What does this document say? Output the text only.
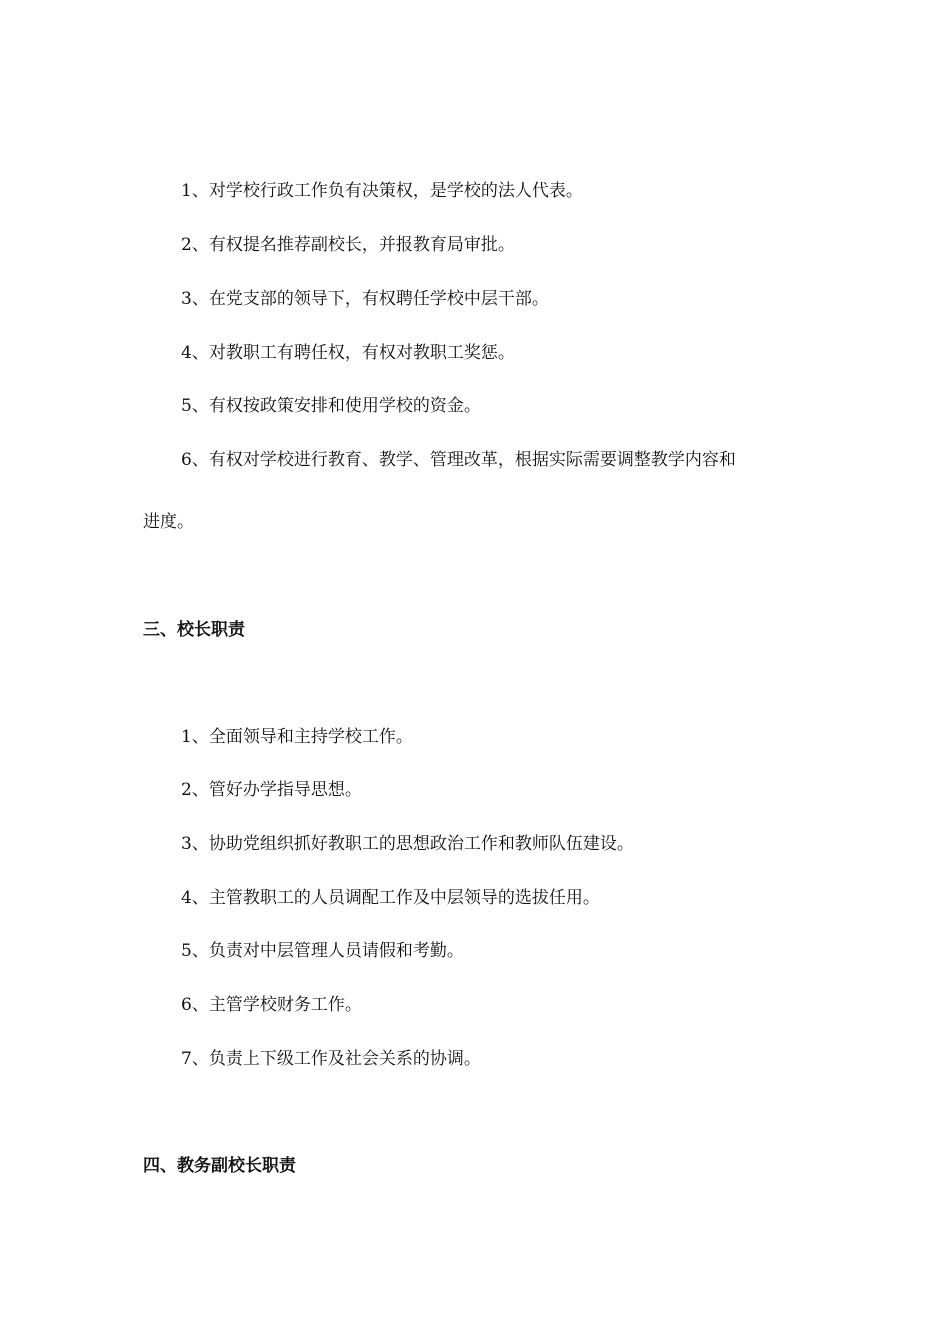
1、对学校行政工作负有决策权，是学校的法人代表。

2、有权提名推荐副校长，并报教育局审批。

3、在党支部的领导下，有权聘任学校中层干部。

4、对教职工有聘任权，有权对教职工奖惩。

5、有权按政策安排和使用学校的资金。

6、有权对学校进行教育、教学、管理改革，根据实际需要调整教学内容和

进度。

三、校长职责

1、全面领导和主持学校工作。

2、管好办学指导思想。

3、协助党组织抓好教职工的思想政治工作和教师队伍建设。

4、主管教职工的人员调配工作及中层领导的选拔任用。

5、负责对中层管理人员请假和考勤。

6、主管学校财务工作。

7、负责上下级工作及社会关系的协调。

四、教务副校长职责
